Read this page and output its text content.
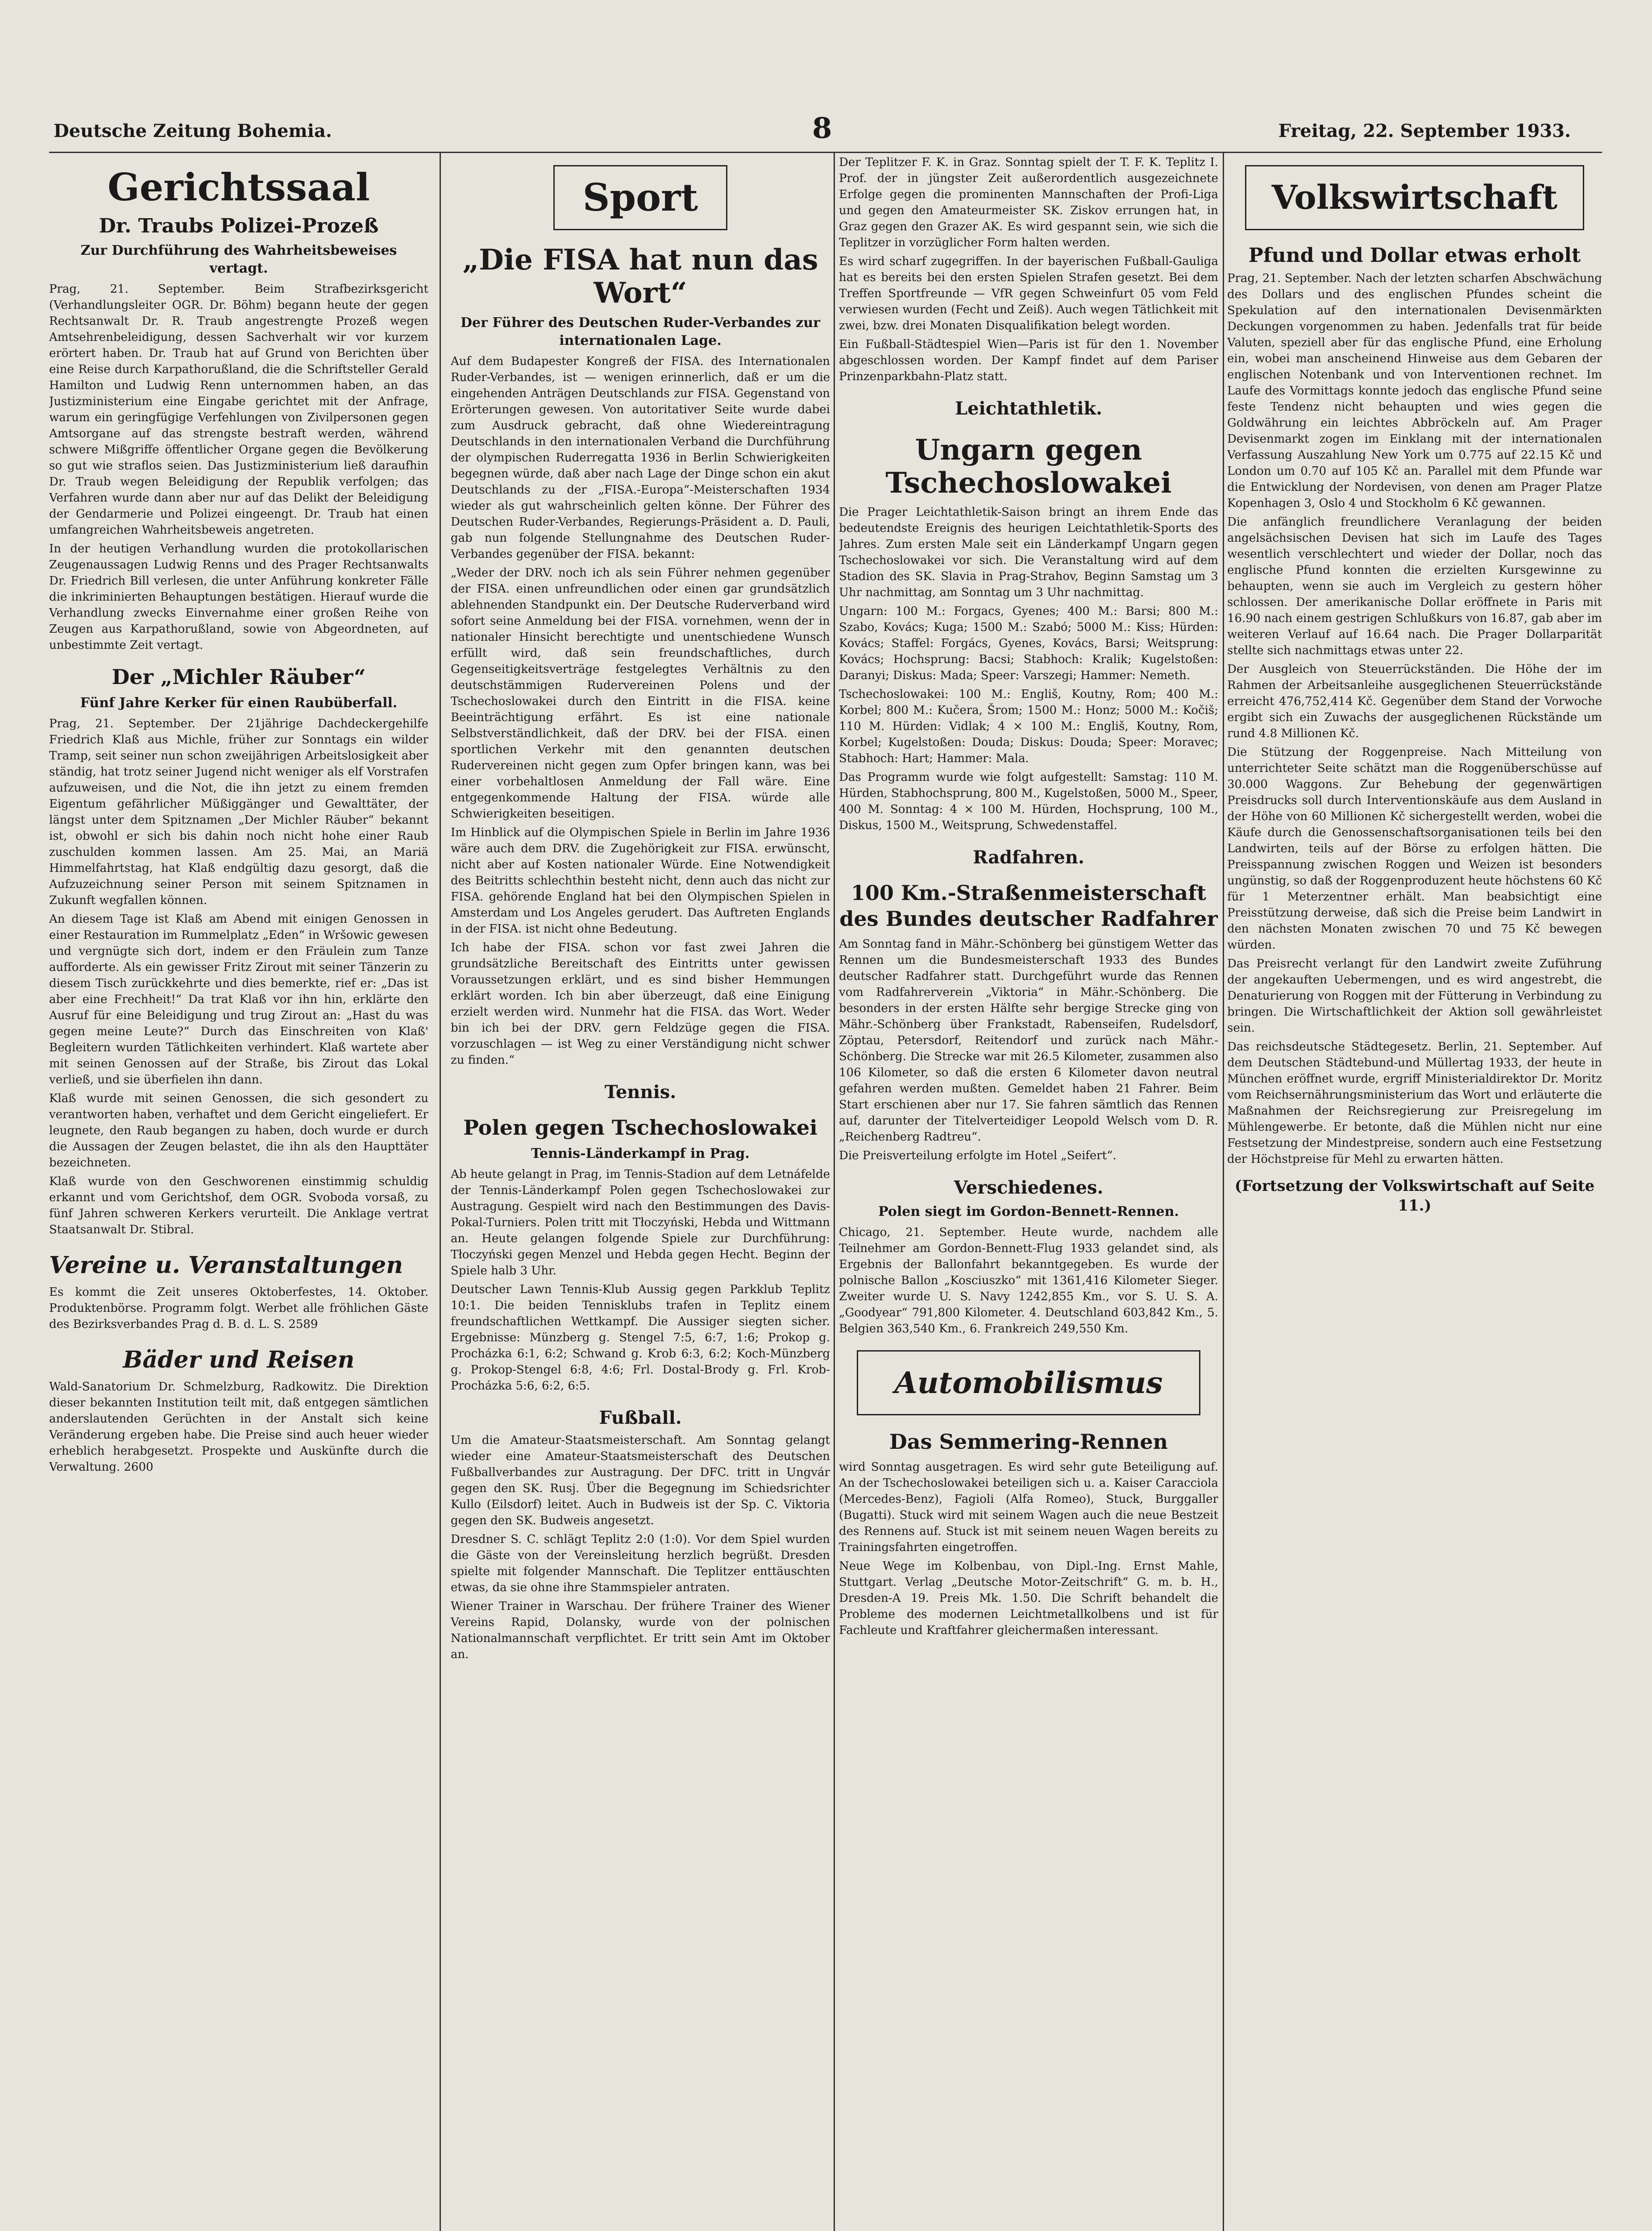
Deutsche Zeitung Bohemia.	8	Freitag, 22. September 1933.
Gerichtssaal
Dr. Traubs Polizei-Prozeß
Zur Durchführung des Wahrheitsbeweises vertagt.

Prag, 21. September. Beim Strafbezirksgericht (Verhandlungsleiter OGR. Dr. Böhm) begann heute der gegen Rechtsanwalt Dr. R. Traub angestrengte Prozeß wegen Amtsehrenbeleidigung, dessen Sachverhalt wir vor kurzem erörtert haben. Dr. Traub hat auf Grund von Berichten über eine Reise durch Karpathorußland, die die Schriftsteller Gerald Hamilton und Ludwig Renn unternommen haben, an das Justizministerium eine Eingabe gerichtet mit der Anfrage, warum ein geringfügige Verfehlungen von Zivilpersonen gegen Amtsorgane auf das strengste bestraft werden, während schwere Mißgriffe öffentlicher Organe gegen die Bevölkerung so gut wie straflos seien. Das Justizministerium ließ daraufhin Dr. Traub wegen Beleidigung der Republik verfolgen; das Verfahren wurde dann aber nur auf das Delikt der Beleidigung der Gendarmerie und Polizei eingeengt. Dr. Traub hat einen umfangreichen Wahrheitsbeweis angetreten.

In der heutigen Verhandlung wurden die protokollarischen Zeugenaussagen Ludwig Renns und des Prager Rechtsanwalts Dr. Friedrich Bill verlesen, die unter Anführung konkreter Fälle die inkriminierten Behauptungen bestätigen. Hierauf wurde die Verhandlung zwecks Einvernahme einer großen Reihe von Zeugen aus Karpathorußland, sowie von Abgeordneten, auf unbestimmte Zeit vertagt.

Der „Michler Räuber“
Fünf Jahre Kerker für einen Raubüberfall.

Prag, 21. September. Der 21jährige Dachdeckergehilfe Friedrich Klaß aus Michle, früher zur Sonntags ein wilder Tramp, seit seiner nun schon zweijährigen Arbeitslosigkeit aber ständig, hat trotz seiner Jugend nicht weniger als elf Vorstrafen aufzuweisen, und die Not, die ihn jetzt zu einem fremden Eigentum gefährlicher Müßiggänger und Gewalttäter, der längst unter dem Spitznamen „Der Michler Räuber“ bekannt ist, obwohl er sich bis dahin noch nicht hohe einer Raub zuschulden kommen lassen. Am 25. Mai, an Mariä Himmelfahrtstag, hat Klaß endgültig dazu gesorgt, daß die Aufzuzeichnung seiner Person mit seinem Spitznamen in Zukunft wegfallen können.

An diesem Tage ist Klaß am Abend mit einigen Genossen in einer Restauration im Rummelplatz „Eden“ in Wršowic gewesen und vergnügte sich dort, indem er den Fräulein zum Tanze aufforderte. Als ein gewisser Fritz Zirout mit seiner Tänzerin zu diesem Tisch zurückkehrte und dies bemerkte, rief er: „Das ist aber eine Frechheit!“ Da trat Klaß vor ihn hin, erklärte den Ausruf für eine Beleidigung und trug Zirout an: „Hast du was gegen meine Leute?“ Durch das Einschreiten von Klaß' Begleitern wurden Tätlichkeiten verhindert. Klaß wartete aber mit seinen Genossen auf der Straße, bis Zirout das Lokal verließ, und sie überfielen ihn dann.

Klaß wurde mit seinen Genossen, die sich gesondert zu verantworten haben, verhaftet und dem Gericht eingeliefert. Er leugnete, den Raub begangen zu haben, doch wurde er durch die Aussagen der Zeugen belastet, die ihn als den Haupttäter bezeichneten.

Klaß wurde von den Geschworenen einstimmig schuldig erkannt und vom Gerichtshof, dem OGR. Svoboda vorsaß, zu fünf Jahren schweren Kerkers verurteilt. Die Anklage vertrat Staatsanwalt Dr. Stibral.

Vereine u. Veranstaltungen

Es kommt die Zeit unseres Oktoberfestes, 14. Oktober. Produktenbörse. Programm folgt. Werbet alle fröhlichen Gäste des Bezirksverbandes Prag d. B. d. L. S. 2589

Bäder und Reisen

Wald-Sanatorium Dr. Schmelzburg, Radkowitz. Die Direktion dieser bekannten Institution teilt mit, daß entgegen sämtlichen anderslautenden Gerüchten in der Anstalt sich keine Veränderung ergeben habe. Die Preise sind auch heuer wieder erheblich herabgesetzt. Prospekte und Auskünfte durch die Verwaltung. 2600

Sport
„Die FISA hat nun das Wort“
Der Führer des Deutschen Ruder-Verbandes zur internationalen Lage.

Auf dem Budapester Kongreß der FISA. des Internationalen Ruder-Verbandes, ist — wenigen erinnerlich, daß er um die eingehenden Anträgen Deutschlands zur FISA. Gegenstand von Erörterungen gewesen. Von autoritativer Seite wurde dabei zum Ausdruck gebracht, daß ohne Wiedereintragung Deutschlands in den internationalen Verband die Durchführung der olympischen Ruderregatta 1936 in Berlin Schwierigkeiten begegnen würde, daß aber nach Lage der Dinge schon ein akut Deutschlands zu der „FISA.-Europa“-Meisterschaften 1934 wieder als gut wahrscheinlich gelten könne. Der Führer des Deutschen Ruder-Verbandes, Regierungs-Präsident a. D. Pauli, gab nun folgende Stellungnahme des Deutschen Ruder-Verbandes gegenüber der FISA. bekannt:

„Weder der DRV. noch ich als sein Führer nehmen gegenüber der FISA. einen unfreundlichen oder einen gar grundsätzlich ablehnenden Standpunkt ein. Der Deutsche Ruderverband wird sofort seine Anmeldung bei der FISA. vornehmen, wenn der in nationaler Hinsicht berechtigte und unentschiedene Wunsch erfüllt wird, daß sein freundschaftliches, durch Gegenseitigkeitsverträge festgelegtes Verhältnis zu den deutschstämmigen Rudervereinen Polens und der Tschechoslowakei durch den Eintritt in die FISA. keine Beeinträchtigung erfährt. Es ist eine nationale Selbstverständlichkeit, daß der DRV. bei der FISA. einen sportlichen Verkehr mit den genannten deutschen Rudervereinen nicht gegen zum Opfer bringen kann, was bei einer vorbehaltlosen Anmeldung der Fall wäre. Eine entgegenkommende Haltung der FISA. würde alle Schwierigkeiten beseitigen.

Im Hinblick auf die Olympischen Spiele in Berlin im Jahre 1936 wäre auch dem DRV. die Zugehörigkeit zur FISA. erwünscht, nicht aber auf Kosten nationaler Würde. Eine Notwendigkeit des Beitritts schlechthin besteht nicht, denn auch das nicht zur FISA. gehörende England hat bei den Olympischen Spielen in Amsterdam und Los Angeles gerudert. Das Auftreten Englands in der FISA. ist nicht ohne Bedeutung.

Ich habe der FISA. schon vor fast zwei Jahren die grundsätzliche Bereitschaft des Eintritts unter gewissen Voraussetzungen erklärt, und es sind bisher Hemmungen erklärt worden. Ich bin aber überzeugt, daß eine Einigung erzielt werden wird. Nunmehr hat die FISA. das Wort. Weder bin ich bei der DRV. gern Feldzüge gegen die FISA. vorzuschlagen — ist Weg zu einer Verständigung nicht schwer zu finden.“

Tennis.
Polen gegen Tschechoslowakei
Tennis-Länderkampf in Prag.

Ab heute gelangt in Prag, im Tennis-Stadion auf dem Letnáfelde der Tennis-Länderkampf Polen gegen Tschechoslowakei zur Austragung. Gespielt wird nach den Bestimmungen des Davis-Pokal-Turniers. Polen tritt mit Tłoczyński, Hebda und Wittmann an. Heute gelangen folgende Spiele zur Durchführung: Tłoczyński gegen Menzel und Hebda gegen Hecht. Beginn der Spiele halb 3 Uhr.

Deutscher Lawn Tennis-Klub Aussig gegen Parkklub Teplitz 10:1. Die beiden Tennisklubs trafen in Teplitz einem freundschaftlichen Wettkampf. Die Aussiger siegten sicher. Ergebnisse: Münzberg g. Stengel 7:5, 6:7, 1:6; Prokop g. Procházka 6:1, 6:2; Schwand g. Krob 6:3, 6:2; Koch-Münzberg g. Prokop-Stengel 6:8, 4:6; Frl. Dostal-Brody g. Frl. Krob-Procházka 5:6, 6:2, 6:5.

Fußball.

Um die Amateur-Staatsmeisterschaft. Am Sonntag gelangt wieder eine Amateur-Staatsmeisterschaft des Deutschen Fußballverbandes zur Austragung. Der DFC. tritt in Ungvár gegen den SK. Rusj. Über die Begegnung im Schiedsrichter Kullo (Eilsdorf) leitet. Auch in Budweis ist der Sp. C. Viktoria gegen den SK. Budweis angesetzt.

Dresdner S. C. schlägt Teplitz 2:0 (1:0). Vor dem Spiel wurden die Gäste von der Vereinsleitung herzlich begrüßt. Dresden spielte mit folgender Mannschaft. Die Teplitzer enttäuschten etwas, da sie ohne ihre Stammspieler antraten.

Wiener Trainer in Warschau. Der frühere Trainer des Wiener Vereins Rapid, Dolansky, wurde von der polnischen Nationalmannschaft verpflichtet. Er tritt sein Amt im Oktober an.

Der Teplitzer F. K. in Graz. Sonntag spielt der T. F. K. Teplitz I. Prof. der in jüngster Zeit außerordentlich ausgezeichnete Erfolge gegen die prominenten Mannschaften der Profi-Liga und gegen den Amateurmeister SK. Ziskov errungen hat, in Graz gegen den Grazer AK. Es wird gespannt sein, wie sich die Teplitzer in vorzüglicher Form halten werden.

Es wird scharf zugegriffen. In der bayerischen Fußball-Gauliga hat es bereits bei den ersten Spielen Strafen gesetzt. Bei dem Treffen Sportfreunde — VfR gegen Schweinfurt 05 vom Feld verwiesen wurden (Fecht und Zeiß). Auch wegen Tätlichkeit mit zwei, bzw. drei Monaten Disqualifikation belegt worden.

Ein Fußball-Städtespiel Wien—Paris ist für den 1. November abgeschlossen worden. Der Kampf findet auf dem Pariser Prinzenparkbahn-Platz statt.

Leichtathletik.
Ungarn gegen Tschechoslowakei

Die Prager Leichtathletik-Saison bringt an ihrem Ende das bedeutendste Ereignis des heurigen Leichtathletik-Sports des Jahres. Zum ersten Male seit ein Länderkampf Ungarn gegen Tschechoslowakei vor sich. Die Veranstaltung wird auf dem Stadion des SK. Slavia in Prag-Strahov, Beginn Samstag um 3 Uhr nachmittag, am Sonntag um 3 Uhr nachmittag.

Ungarn: 100 M.: Forgacs, Gyenes; 400 M.: Barsi; 800 M.: Szabo, Kovács; Kuga; 1500 M.: Szabó; 5000 M.: Kiss; Hürden: Kovács; Staffel: Forgács, Gyenes, Kovács, Barsi; Weitsprung: Kovács; Hochsprung: Bacsi; Stabhoch: Kralik; Kugelstoßen: Daranyi; Diskus: Mada; Speer: Varszegi; Hammer: Nemeth.

Tschechoslowakei: 100 M.: Engliš, Koutny, Rom; 400 M.: Korbel; 800 M.: Kučera, Šrom; 1500 M.: Honz; 5000 M.: Kočiš; 110 M. Hürden: Vidlak; 4 × 100 M.: Engliš, Koutny, Rom, Korbel; Kugelstoßen: Douda; Diskus: Douda; Speer: Moravec; Stabhoch: Hart; Hammer: Mala.

Das Programm wurde wie folgt aufgestellt: Samstag: 110 M. Hürden, Stabhochsprung, 800 M., Kugelstoßen, 5000 M., Speer, 400 M. Sonntag: 4 × 100 M. Hürden, Hochsprung, 100 M., Diskus, 1500 M., Weitsprung, Schwedenstaffel.

Radfahren.
100 Km.-Straßenmeisterschaft des Bundes deutscher Radfahrer

Am Sonntag fand in Mähr.-Schönberg bei günstigem Wetter das Rennen um die Bundesmeisterschaft 1933 des Bundes deutscher Radfahrer statt. Durchgeführt wurde das Rennen vom Radfahrerverein „Viktoria“ in Mähr.-Schönberg. Die besonders in der ersten Hälfte sehr bergige Strecke ging von Mähr.-Schönberg über Frankstadt, Rabenseifen, Rudelsdorf, Zöptau, Petersdorf, Reitendorf und zurück nach Mähr.-Schönberg. Die Strecke war mit 26.5 Kilometer, zusammen also 106 Kilometer, so daß die ersten 6 Kilometer davon neutral gefahren werden mußten. Gemeldet haben 21 Fahrer. Beim Start erschienen aber nur 17. Sie fahren sämtlich das Rennen auf, darunter der Titelverteidiger Leopold Welsch vom D. R. „Reichenberg Radtreu“.

Die Preisverteilung erfolgte im Hotel „Seifert“.

Verschiedenes.
Polen siegt im Gordon-Bennett-Rennen.

Chicago, 21. September. Heute wurde, nachdem alle Teilnehmer am Gordon-Bennett-Flug 1933 gelandet sind, als Ergebnis der Ballonfahrt bekanntgegeben. Es wurde der polnische Ballon „Kosciuszko“ mit 1361,416 Kilometer Sieger. Zweiter wurde U. S. Navy 1242,855 Km., vor S. U. S. A. „Goodyear“ 791,800 Kilometer. 4. Deutschland 603,842 Km., 5. Belgien 363,540 Km., 6. Frankreich 249,550 Km.

Automobilismus
Das Semmering-Rennen

wird Sonntag ausgetragen. Es wird sehr gute Beteiligung auf. An der Tschechoslowakei beteiligen sich u. a. Kaiser Caracciola (Mercedes-Benz), Fagioli (Alfa Romeo), Stuck, Burggaller (Bugatti). Stuck wird mit seinem Wagen auch die neue Bestzeit des Rennens auf. Stuck ist mit seinem neuen Wagen bereits zu Trainingsfahrten eingetroffen.

Neue Wege im Kolbenbau, von Dipl.-Ing. Ernst Mahle, Stuttgart. Verlag „Deutsche Motor-Zeitschrift“ G. m. b. H., Dresden-A 19. Preis Mk. 1.50. Die Schrift behandelt die Probleme des modernen Leichtmetallkolbens und ist für Fachleute und Kraftfahrer gleichermaßen interessant.

Volkswirtschaft
Pfund und Dollar etwas erholt

Prag, 21. September. Nach der letzten scharfen Abschwächung des Dollars und des englischen Pfundes scheint die Spekulation auf den internationalen Devisenmärkten Deckungen vorgenommen zu haben. Jedenfalls trat für beide Valuten, speziell aber für das englische Pfund, eine Erholung ein, wobei man anscheinend Hinweise aus dem Gebaren der englischen Notenbank und von Interventionen rechnet. Im Laufe des Vormittags konnte jedoch das englische Pfund seine feste Tendenz nicht behaupten und wies gegen die Goldwährung ein leichtes Abbröckeln auf. Am Prager Devisenmarkt zogen im Einklang mit der internationalen Verfassung Auszahlung New York um 0.775 auf 22.15 Kč und London um 0.70 auf 105 Kč an. Parallel mit dem Pfunde war die Entwicklung der Nordevisen, von denen am Prager Platze Kopenhagen 3, Oslo 4 und Stockholm 6 Kč gewannen.

Die anfänglich freundlichere Veranlagung der beiden angelsächsischen Devisen hat sich im Laufe des Tages wesentlich verschlechtert und wieder der Dollar, noch das englische Pfund konnten die erzielten Kursgewinne zu behaupten, wenn sie auch im Vergleich zu gestern höher schlossen. Der amerikanische Dollar eröffnete in Paris mit 16.90 nach einem gestrigen Schlußkurs von 16.87, gab aber im weiteren Verlauf auf 16.64 nach. Die Prager Dollarparität stellte sich nachmittags etwas unter 22.

Der Ausgleich von Steuerrückständen. Die Höhe der im Rahmen der Arbeitsanleihe ausgeglichenen Steuerrückstände erreicht 476,752,414 Kč. Gegenüber dem Stand der Vorwoche ergibt sich ein Zuwachs der ausgeglichenen Rückstände um rund 4.8 Millionen Kč.

Die Stützung der Roggenpreise. Nach Mitteilung von unterrichteter Seite schätzt man die Roggenüberschüsse auf 30.000 Waggons. Zur Behebung der gegenwärtigen Preisdrucks soll durch Interventionskäufe aus dem Ausland in der Höhe von 60 Millionen Kč sichergestellt werden, wobei die Käufe durch die Genossenschaftsorganisationen teils bei den Landwirten, teils auf der Börse zu erfolgen hätten. Die Preisspannung zwischen Roggen und Weizen ist besonders ungünstig, so daß der Roggenproduzent heute höchstens 60 Kč für 1 Meterzentner erhält. Man beabsichtigt eine Preisstützung derweise, daß sich die Preise beim Landwirt in den nächsten Monaten zwischen 70 und 75 Kč bewegen würden.

Das Preisrecht verlangt für den Landwirt zweite Zuführung der angekauften Uebermengen, und es wird angestrebt, die Denaturierung von Roggen mit der Fütterung in Verbindung zu bringen. Die Wirtschaftlichkeit der Aktion soll gewährleistet sein.

Das reichsdeutsche Städtegesetz. Berlin, 21. September. Auf dem Deutschen Städtebund-und Müllertag 1933, der heute in München eröffnet wurde, ergriff Ministerialdirektor Dr. Moritz vom Reichsernährungsministerium das Wort und erläuterte die Maßnahmen der Reichsregierung zur Preisregelung im Mühlengewerbe. Er betonte, daß die Mühlen nicht nur eine Festsetzung der Mindestpreise, sondern auch eine Festsetzung der Höchstpreise für Mehl zu erwarten hätten.

(Fortsetzung der Volkswirtschaft auf Seite 11.)
